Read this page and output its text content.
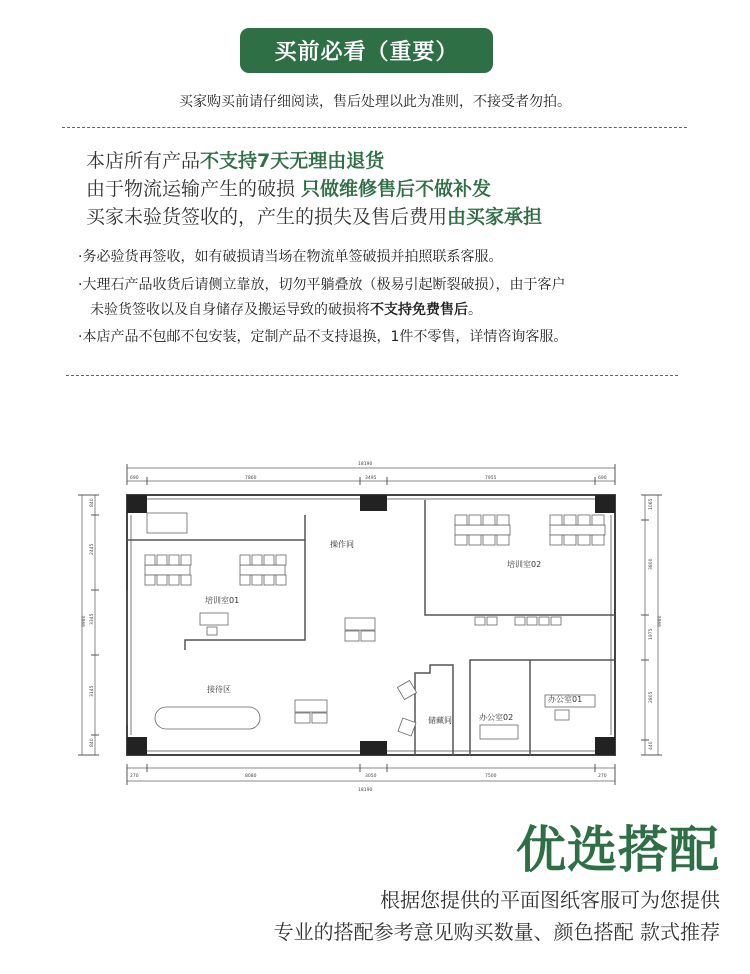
买前必看（重要）
买家购买前请仔细阅读，售后处理以此为准则，不接受者勿拍。
本店所有产品不支持7天无理由退货
由于物流运输产生的破损 只做维修售后不做补发
买家未验货签收的，产生的损失及售后费用由买家承担
·务必验货再签收，如有破损请当场在物流单签破损并拍照联系客服。
·大理石产品收货后请侧立靠放，切勿平躺叠放（极易引起断裂破损），由于客户
未验货签收以及自身储存及搬运导致的破损将不支持免费售后。
·本店产品不包邮不包安装，定制产品不支持退换，1件不零售，详情咨询客服。
操作间
培训室01
培训室02
接待区
储藏间
办公室01
办公室02
18190
690	7860	3495	7955	690
270	8080	3050	7500	270
18190
9980
840
2445
3345
3145
840
9980
1065
3800
1975
2805
440
优选搭配
根据您提供的平面图纸客服可为您提供
专业的搭配参考意见购买数量、颜色搭配 款式推荐
